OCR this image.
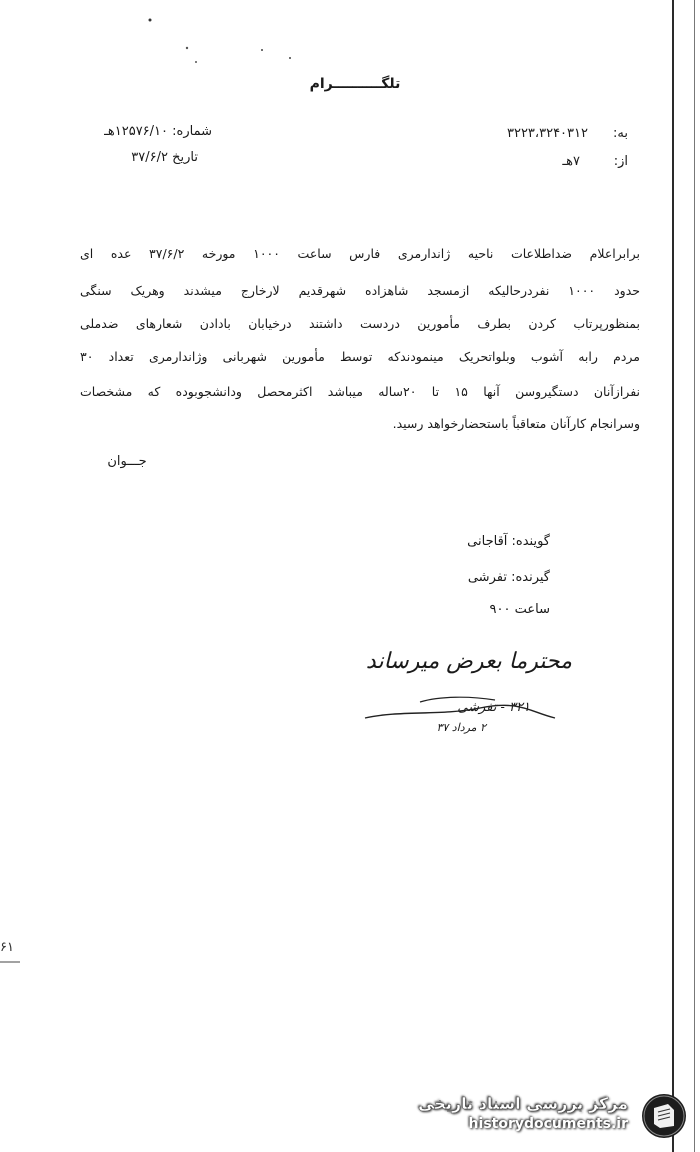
تلگــــــــــرام
شماره: ۱۲۵۷۶/۱۰هـ
تاریخ ۳۷/۶/۲
به:
۳۲۲۳،۳۲۴۰۳۱۲
از:
۷هـ
برابراعلام ضداطلاعات ناحیه ژاندارمری فارس ساعت ۱۰۰۰ مورخه ۳۷/۶/۲ عده ای
حدود ۱۰۰۰ نفردرحالیکه ازمسجد شاهزاده شهرقدیم لارخارج میشدند وهریک سنگی
بمنظورپرتاب کردن بطرف مأمورین دردست داشتند درخیابان بادادن شعارهای ضدملی
مردم رابه آشوب وبلواتحریک مینمودندکه توسط مأمورین شهربانی وژاندارمری تعداد ۳۰
نفرازآنان دستگیروسن آنها ۱۵ تا ۲۰ساله میباشد اکثرمحصل ودانشجوبوده که مشخصات
وسرانجام کارآنان متعاقباً باستحضارخواهد رسید.
جـــوان
گوینده: آقاجانی
گیرنده: تفرشی
ساعت ۹۰۰
محترما بعرض میرساند
۳۲۱ - تفرشی
۲ مرداد ۳۷
۶۱
مرکز بررسی اسناد تاریخی
historydocuments.ir
